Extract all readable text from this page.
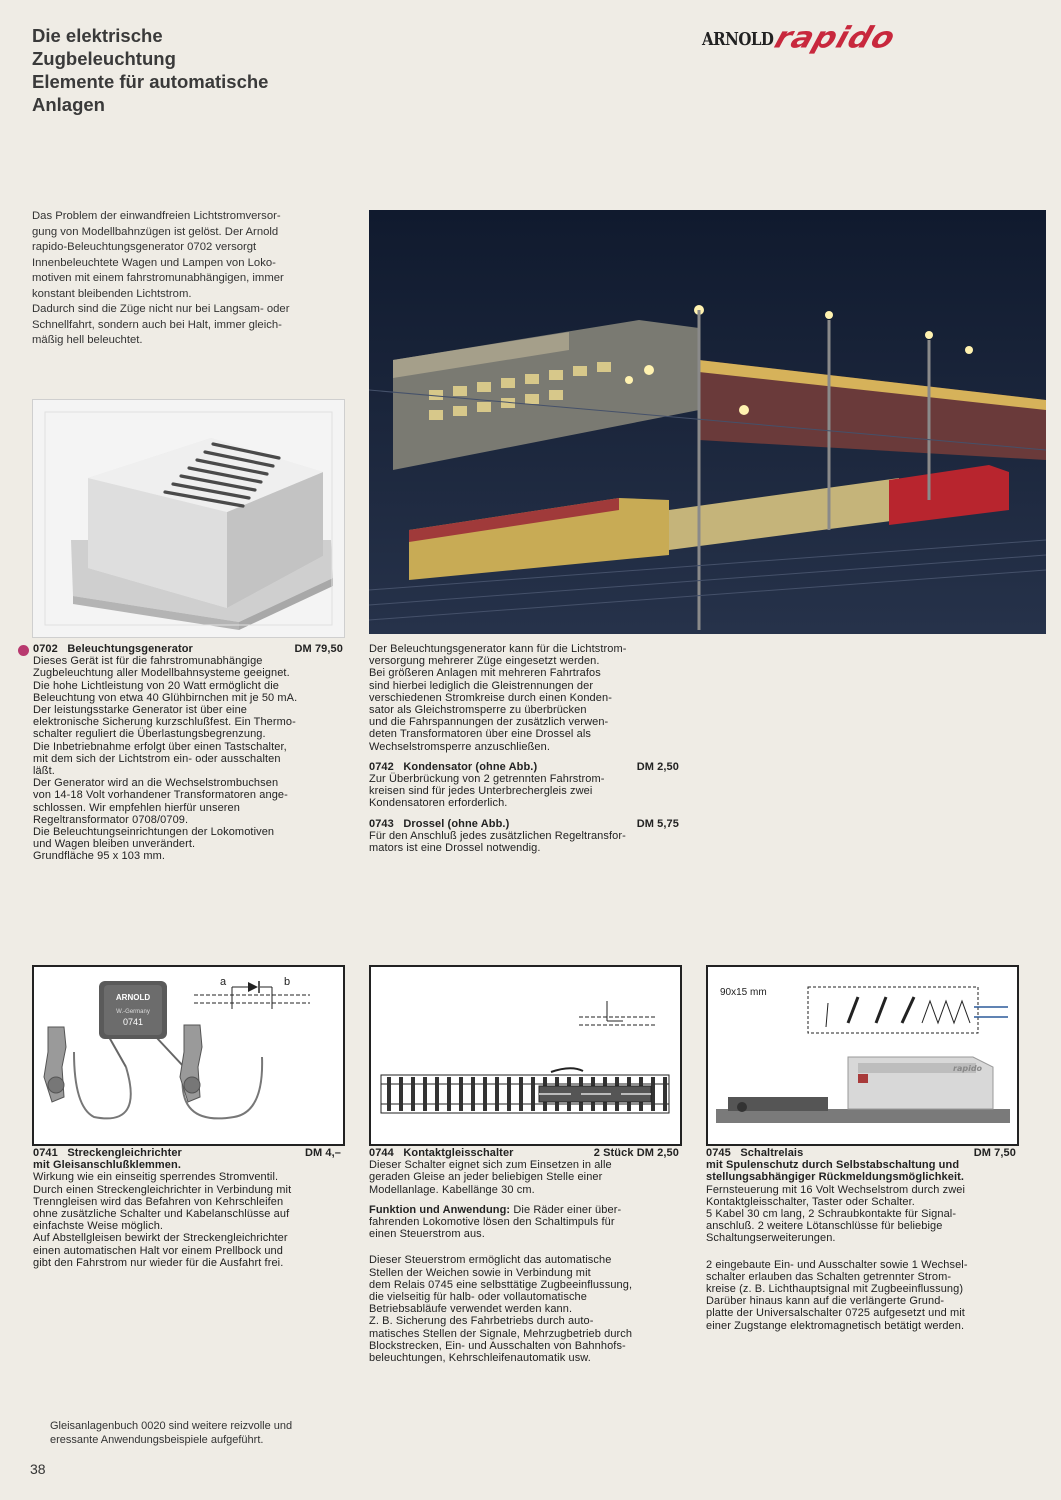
Die elektrische
Zugbeleuchtung
Elemente für automatische
Anlagen
ARNOLD
rapido
Das Problem der einwandfreien Lichtstromversor-
gung von Modellbahnzügen ist gelöst. Der Arnold
rapido-Beleuchtungsgenerator 0702 versorgt
Innenbeleuchtete Wagen und Lampen von Loko-
motiven mit einem fahrstromunabhängigen, immer
konstant bleibenden Lichtstrom.
Dadurch sind die Züge nicht nur bei Langsam- oder
Schnellfahrt, sondern auch bei Halt, immer gleich-
mäßig hell beleuchtet.
0702 Beleuchtungsgenerator	DM 79,50
Dieses Gerät ist für die fahrstromunabhängige
Zugbeleuchtung aller Modellbahnsysteme geeignet.
Die hohe Lichtleistung von 20 Watt ermöglicht die
Beleuchtung von etwa 40 Glühbirnchen mit je 50 mA.
Der leistungsstarke Generator ist über eine
elektronische Sicherung kurzschlußfest. Ein Thermo-
schalter reguliert die Überlastungsbegrenzung.
Die Inbetriebnahme erfolgt über einen Tastschalter,
mit dem sich der Lichtstrom ein- oder ausschalten
läßt.
Der Generator wird an die Wechselstrombuchsen
von 14-18 Volt vorhandener Transformatoren ange-
schlossen. Wir empfehlen hierfür unseren
Regeltransformator 0708/0709.
Die Beleuchtungseinrichtungen der Lokomotiven
und Wagen bleiben unverändert.
Grundfläche 95 x 103 mm.
Der Beleuchtungsgenerator kann für die Lichtstrom-
versorgung mehrerer Züge eingesetzt werden.
Bei größeren Anlagen mit mehreren Fahrtrafos
sind hierbei lediglich die Gleistrennungen der
verschiedenen Stromkreise durch einen Konden-
sator als Gleichstromsperre zu überbrücken
und die Fahrspannungen der zusätzlich verwen-
deten Transformatoren über eine Drossel als
Wechselstromsperre anzuschließen.
0742 Kondensator (ohne Abb.)	DM 2,50
Zur Überbrückung von 2 getrennten Fahrstrom-
kreisen sind für jedes Unterbrechergleis zwei
Kondensatoren erforderlich.
0743 Drossel (ohne Abb.)	DM 5,75
Für den Anschluß jedes zusätzlichen Regeltransfor-
mators ist eine Drossel notwendig.
ARNOLD
W.-Germany
0741
a	b
90x15 mm
rapido
0741 Streckengleichrichter	DM 4,–
mit Gleisanschlußklemmen.
Wirkung wie ein einseitig sperrendes Stromventil.
Durch einen Streckengleichrichter in Verbindung mit
Trenngleisen wird das Befahren von Kehrschleifen
ohne zusätzliche Schalter und Kabelanschlüsse auf
einfachste Weise möglich.
Auf Abstellgleisen bewirkt der Streckengleichrichter
einen automatischen Halt vor einem Prellbock und
gibt den Fahrstrom nur wieder für die Ausfahrt frei.
0744 Kontaktgleisschalter	2 Stück DM 2,50
Dieser Schalter eignet sich zum Einsetzen in alle
geraden Gleise an jeder beliebigen Stelle einer
Modellanlage. Kabellänge 30 cm.
Funktion und Anwendung: Die Räder einer über-
fahrenden Lokomotive lösen den Schaltimpuls für
einen Steuerstrom aus.
Dieser Steuerstrom ermöglicht das automatische
Stellen der Weichen sowie in Verbindung mit
dem Relais 0745 eine selbsttätige Zugbeeinflussung,
die vielseitig für halb- oder vollautomatische
Betriebsabläufe verwendet werden kann.
Z. B. Sicherung des Fahrbetriebs durch auto-
matisches Stellen der Signale, Mehrzugbetrieb durch
Blockstrecken, Ein- und Ausschalten von Bahnhofs-
beleuchtungen, Kehrschleifenautomatik usw.
0745 Schaltrelais	DM 7,50
mit Spulenschutz durch Selbstabschaltung und
stellungsabhängiger Rückmeldungsmöglichkeit.
Fernsteuerung mit 16 Volt Wechselstrom durch zwei
Kontaktgleisschalter, Taster oder Schalter.
5 Kabel 30 cm lang, 2 Schraubkontakte für Signal-
anschluß. 2 weitere Lötanschlüsse für beliebige
Schaltungserweiterungen.
2 eingebaute Ein- und Ausschalter sowie 1 Wechsel-
schalter erlauben das Schalten getrennter Strom-
kreise (z. B. Lichthauptsignal mit Zugbeeinflussung)
Darüber hinaus kann auf die verlängerte Grund-
platte der Universalschalter 0725 aufgesetzt und mit
einer Zugstange elektromagnetisch betätigt werden.
Gleisanlagenbuch 0020 sind weitere reizvolle und
eressante Anwendungsbeispiele aufgeführt.
38
